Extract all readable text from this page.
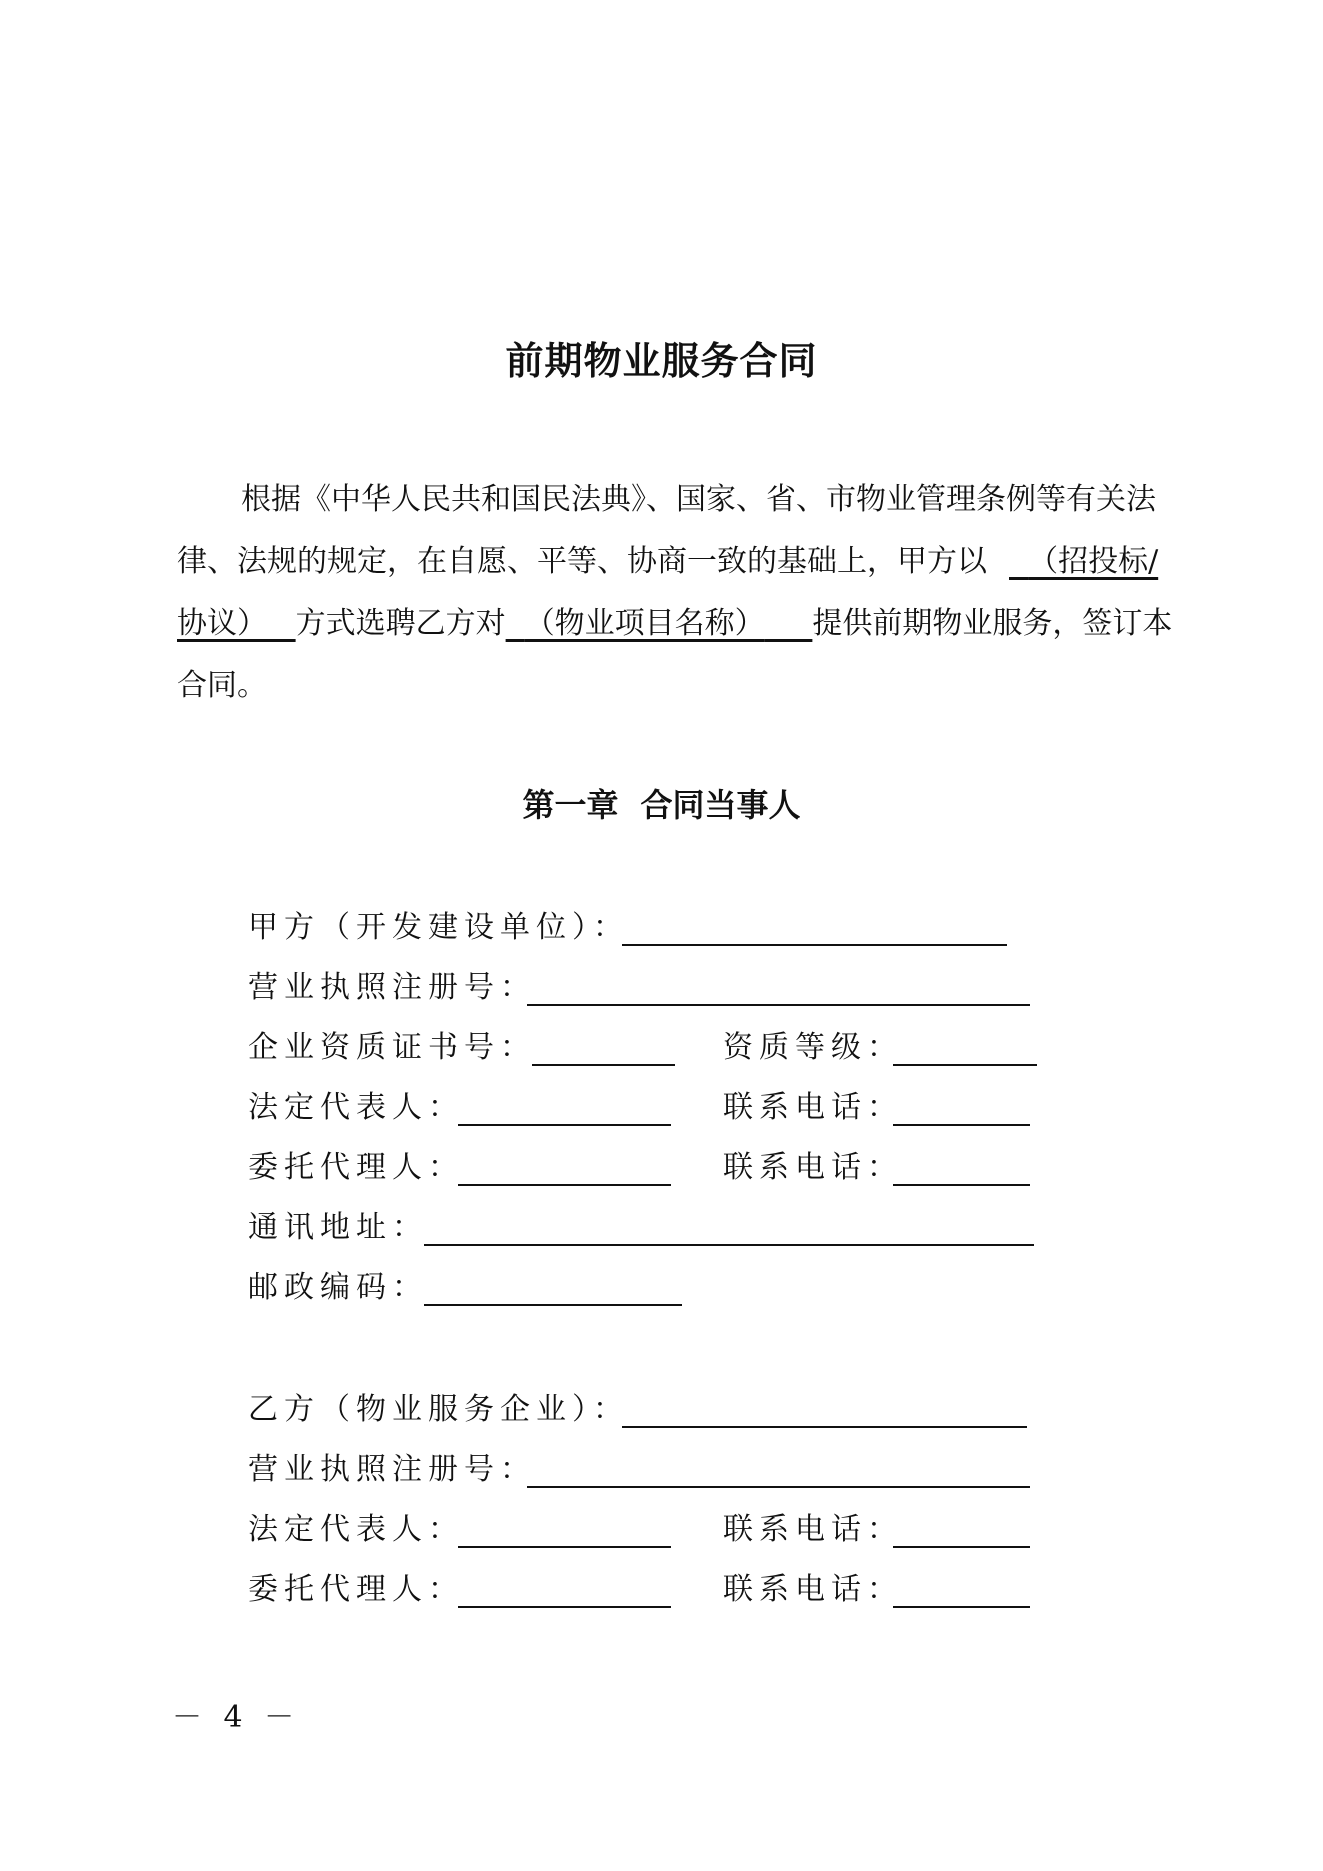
前期物业服务合同
根据《中华人民共和国民法典》、国家、省、市物业管理条例等有关法
律、法规的规定，在自愿、平等、协商一致的基础上，甲方以 （招投标/
协议） 方式选聘乙方对 （物业项目名称） 提供前期物业服务，签订本
合同。
第一章 合同当事人
甲方（开发建设单位）：
营业执照注册号：
企业资质证书号：	资质等级：
法定代表人：	联系电话：
委托代理人：	联系电话：
通讯地址：
邮政编码：
乙方（物业服务企业）：
营业执照注册号：
法定代表人：	联系电话：
委托代理人：	联系电话：
－ 4 －
